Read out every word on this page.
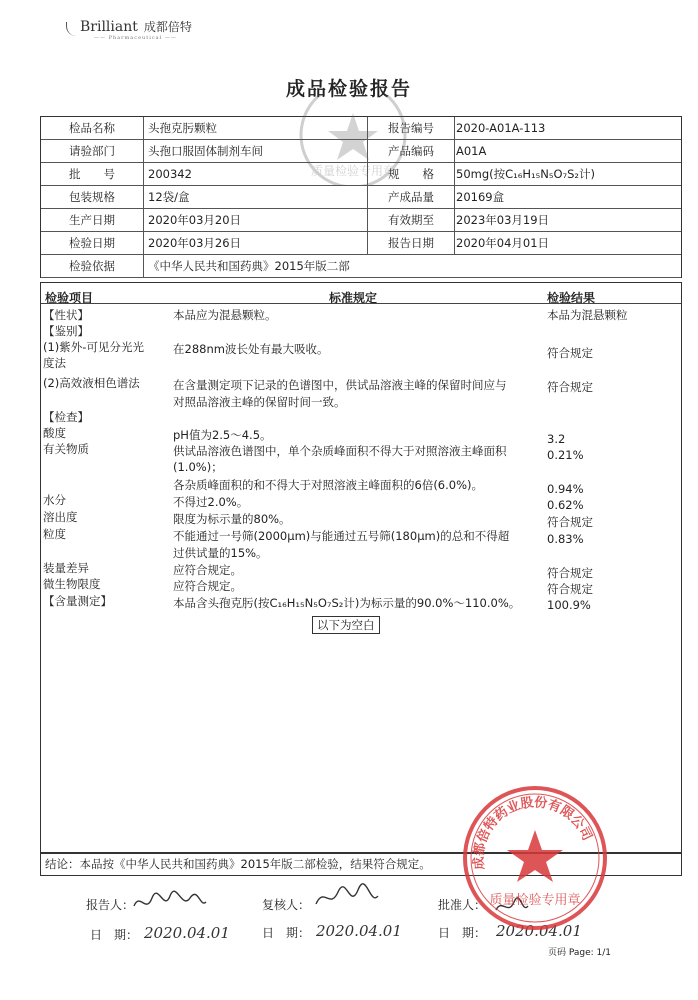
Brilliant 成都倍特
—— Pharmaceutical ——
成品检验报告
检品名称	头孢克肟颗粒	报告编号	2020-A01A-113
请验部门	头孢口服固体制剂车间	产品编码	A01A
批　　号	200342	规　　格	50mg(按C₁₆H₁₅N₅O₇S₂计)
包装规格	12袋/盒	产成品量	20169盒
生产日期	2020年03月20日	有效期至	2023年03月19日
检验日期	2020年03月26日	报告日期	2020年04月01日
检验依据	《中华人民共和国药典》2015年版二部
检验项目	标准规定	检验结果
【性状】	本品应为混悬颗粒。	本品为混悬颗粒
【鉴别】
(1)紫外-可见分光光	在288nm波长处有最大吸收。	符合规定
度法
(2)高效液相色谱法	在含量测定项下记录的色谱图中，供试品溶液主峰的保留时间应与	符合规定
对照品溶液主峰的保留时间一致。
【检查】
酸度	pH值为2.5～4.5。	3.2
有关物质	供试品溶液色谱图中，单个杂质峰面积不得大于对照溶液主峰面积	0.21%
(1.0%)；
各杂质峰面积的和不得大于对照溶液主峰面积的6倍(6.0%)。	0.94%
水分	不得过2.0%。	0.62%
溶出度	限度为标示量的80%。	符合规定
粒度	不能通过一号筛(2000μm)与能通过五号筛(180μm)的总和不得超	0.83%
过供试量的15%。
装量差异	应符合规定。	符合规定
微生物限度	应符合规定。	符合规定
【含量测定】	本品含头孢克肟(按C₁₆H₁₅N₅O₇S₂计)为标示量的90.0%～110.0%。 100.9%
以下为空白
结论：本品按《中华人民共和国药典》2015年版二部检验，结果符合规定。
报告人：	复核人：	批准人：
日　期： 2020.04.01	日　期： 2020.04.01	日　期： 2020.04.01
页码 Page: 1/1
质量检验专用章
成都倍特药业股份有限公司
质量检验专用章
